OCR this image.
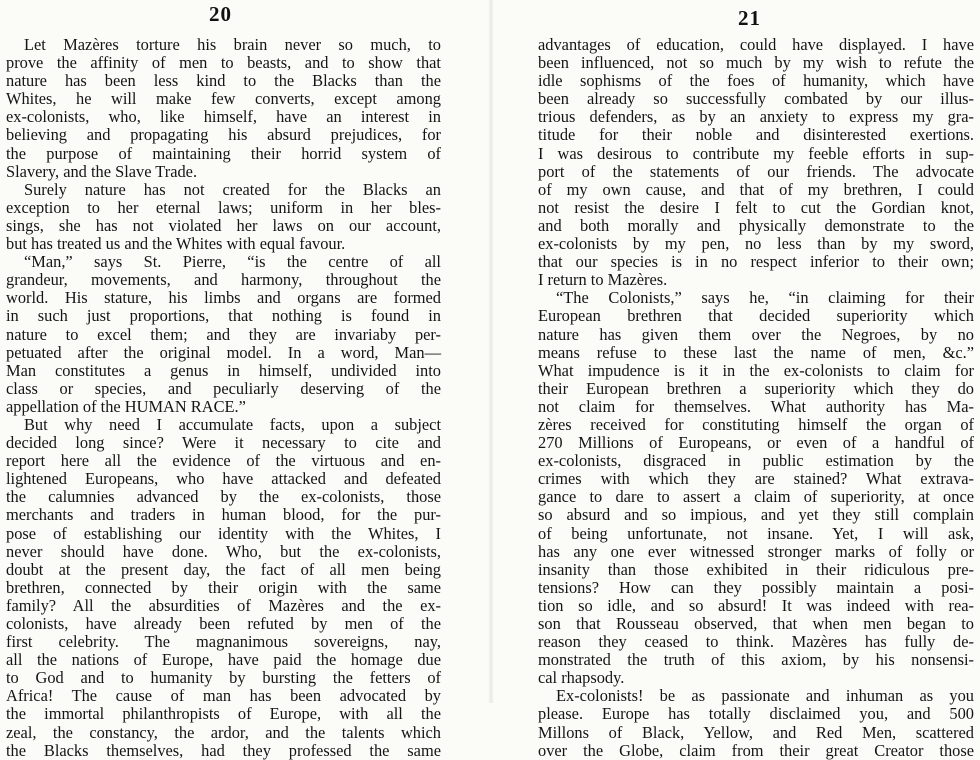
20
Let Mazères torture his brain never so much, to
prove the affinity of men to beasts, and to show that
nature has been less kind to the Blacks than the
Whites, he will make few converts, except among
ex-colonists, who, like himself, have an interest in
believing and propagating his absurd prejudices, for
the purpose of maintaining their horrid system of
Slavery, and the Slave Trade.
Surely nature has not created for the Blacks an
exception to her eternal laws; uniform in her bles-
sings, she has not violated her laws on our account,
but has treated us and the Whites with equal favour.
“Man,” says St. Pierre, “is the centre of all
grandeur, movements, and harmony, throughout the
world. His stature, his limbs and organs are formed
in such just proportions, that nothing is found in
nature to excel them; and they are invariaby per-
petuated after the original model. In a word, Man—
Man constitutes a genus in himself, undivided into
class or species, and peculiarly deserving of the
appellation of the HUMAN RACE.”
But why need I accumulate facts, upon a subject
decided long since? Were it necessary to cite and
report here all the evidence of the virtuous and en-
lightened Europeans, who have attacked and defeated
the calumnies advanced by the ex-colonists, those
merchants and traders in human blood, for the pur-
pose of establishing our identity with the Whites, I
never should have done. Who, but the ex-colonists,
doubt at the present day, the fact of all men being
brethren, connected by their origin with the same
family? All the absurdities of Mazères and the ex-
colonists, have already been refuted by men of the
first celebrity. The magnanimous sovereigns, nay,
all the nations of Europe, have paid the homage due
to God and to humanity by bursting the fetters of
Africa! The cause of man has been advocated by
the immortal philanthropists of Europe, with all the
zeal, the constancy, the ardor, and the talents which
the Blacks themselves, had they professed the same
21
advantages of education, could have displayed. I have
been influenced, not so much by my wish to refute the
idle sophisms of the foes of humanity, which have
been already so successfully combated by our illus-
trious defenders, as by an anxiety to express my gra-
titude for their noble and disinterested exertions.
I was desirous to contribute my feeble efforts in sup-
port of the statements of our friends. The advocate
of my own cause, and that of my brethren, I could
not resist the desire I felt to cut the Gordian knot,
and both morally and physically demonstrate to the
ex-colonists by my pen, no less than by my sword,
that our species is in no respect inferior to their own;
I return to Mazères.
“The Colonists,” says he, “in claiming for their
European brethren that decided superiority which
nature has given them over the Negroes, by no
means refuse to these last the name of men, &c.”
What impudence is it in the ex-colonists to claim for
their European brethren a superiority which they do
not claim for themselves. What authority has Ma-
zères received for constituting himself the organ of
270 Millions of Europeans, or even of a handful of
ex-colonists, disgraced in public estimation by the
crimes with which they are stained? What extrava-
gance to dare to assert a claim of superiority, at once
so absurd and so impious, and yet they still complain
of being unfortunate, not insane. Yet, I will ask,
has any one ever witnessed stronger marks of folly or
insanity than those exhibited in their ridiculous pre-
tensions? How can they possibly maintain a posi-
tion so idle, and so absurd! It was indeed with rea-
son that Rousseau observed, that when men began to
reason they ceased to think. Mazères has fully de-
monstrated the truth of this axiom, by his nonsensi-
cal rhapsody.
Ex-colonists! be as passionate and inhuman as you
please. Europe has totally disclaimed you, and 500
Millons of Black, Yellow, and Red Men, scattered
over the Globe, claim from their great Creator those
